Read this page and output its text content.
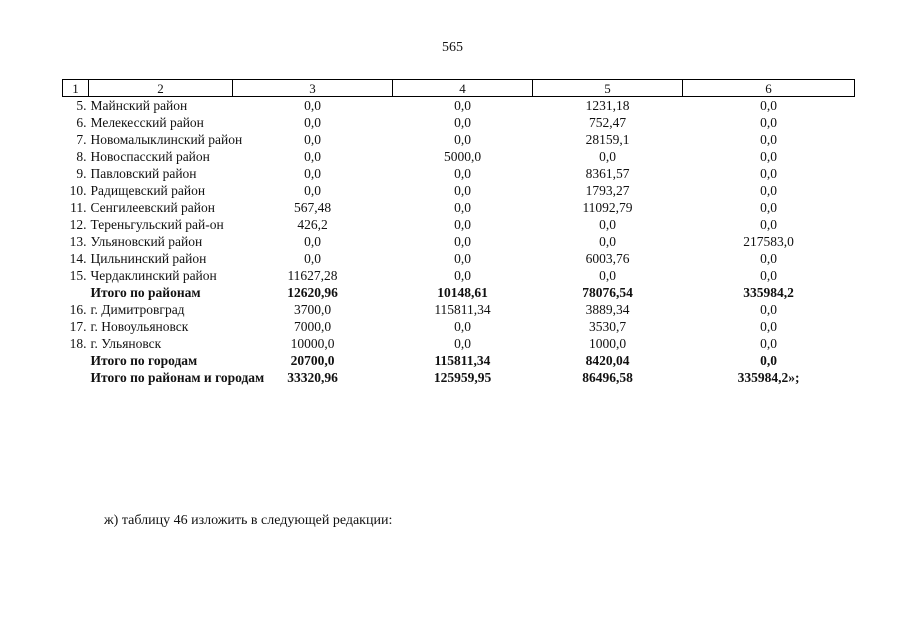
565
1	2	3	4	5	6
5.	Майнский район	0,0	0,0	1231,18	0,0
6.	Мелекесский район	0,0	0,0	752,47	0,0
7.	Новомалыклинский район	0,0	0,0	28159,1	0,0
8.	Новоспасский район	0,0	5000,0	0,0	0,0
9.	Павловский район	0,0	0,0	8361,57	0,0
10.	Радищевский район	0,0	0,0	1793,27	0,0
11.	Сенгилеевский район	567,48	0,0	11092,79	0,0
12.	Тереньгульский рай-он	426,2	0,0	0,0	0,0
13.	Ульяновский район	0,0	0,0	0,0	217583,0
14.	Цильнинский район	0,0	0,0	6003,76	0,0
15.	Чердаклинский район	11627,28	0,0	0,0	0,0
	Итого по районам	12620,96	10148,61	78076,54	335984,2
16.	г. Димитровград	3700,0	115811,34	3889,34	0,0
17.	г. Новоульяновск	7000,0	0,0	3530,7	0,0
18.	г. Ульяновск	10000,0	0,0	1000,0	0,0
	Итого по городам	20700,0	115811,34	8420,04	0,0
	Итого по районам и городам	33320,96	125959,95	86496,58	335984,2»;
ж) таблицу 46 изложить в следующей редакции:
